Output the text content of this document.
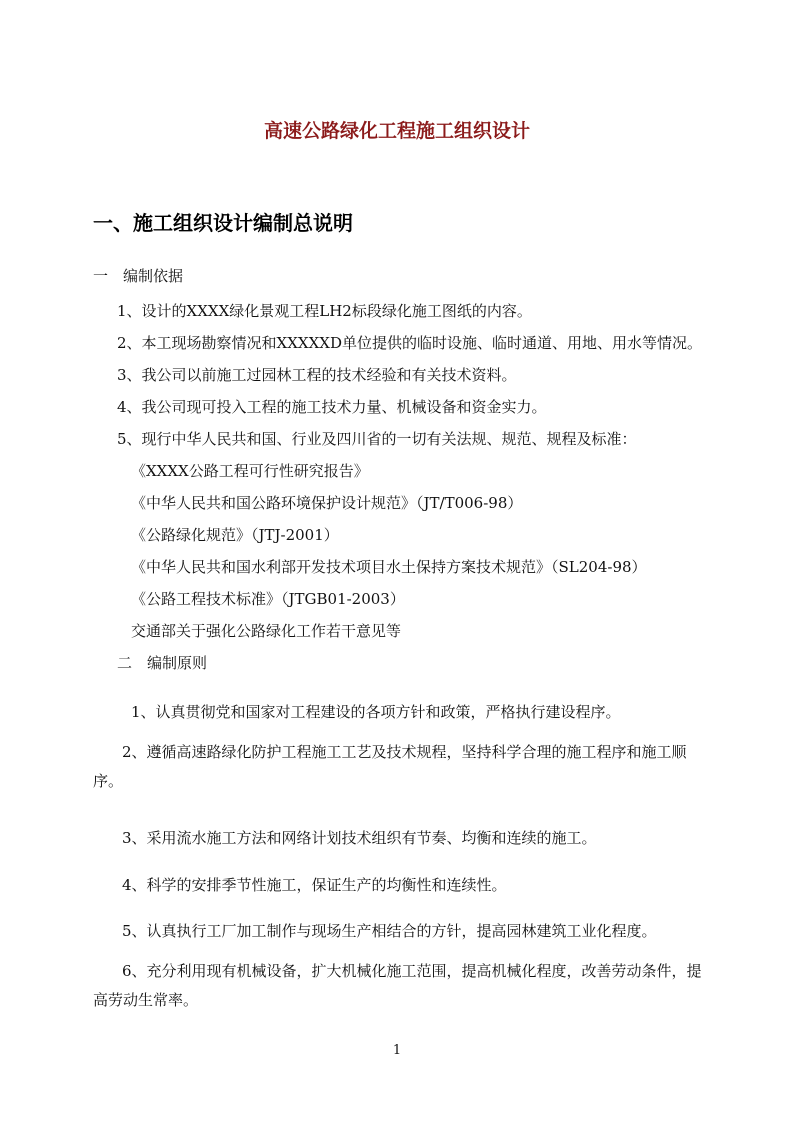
高速公路绿化工程施工组织设计
一、施工组织设计编制总说明
一　编制依据
1、设计的XXXX绿化景观工程LH2标段绿化施工图纸的内容。
2、本工现场勘察情况和XXXXXD单位提供的临时设施、临时通道、用地、用水等情况。
3、我公司以前施工过园林工程的技术经验和有关技术资料。
4、我公司现可投入工程的施工技术力量、机械设备和资金实力。
5、现行中华人民共和国、行业及四川省的一切有关法规、规范、规程及标准：
《XXXX公路工程可行性研究报告》
《中华人民共和国公路环境保护设计规范》（JT/T006-98）
《公路绿化规范》（JTJ-2001）
《中华人民共和国水利部开发技术项目水土保持方案技术规范》（SL204-98）
《公路工程技术标准》（JTGB01-2003）
交通部关于强化公路绿化工作若干意见等
二　编制原则
1、认真贯彻党和国家对工程建设的各项方针和政策，严格执行建设程序。
2、遵循高速路绿化防护工程施工工艺及技术规程，坚持科学合理的施工程序和施工顺序。
3、采用流水施工方法和网络计划技术组织有节奏、均衡和连续的施工。
4、科学的安排季节性施工，保证生产的均衡性和连续性。
5、认真执行工厂加工制作与现场生产相结合的方针，提高园林建筑工业化程度。
6、充分利用现有机械设备，扩大机械化施工范围，提高机械化程度，改善劳动条件，提高劳动生常率。
1
